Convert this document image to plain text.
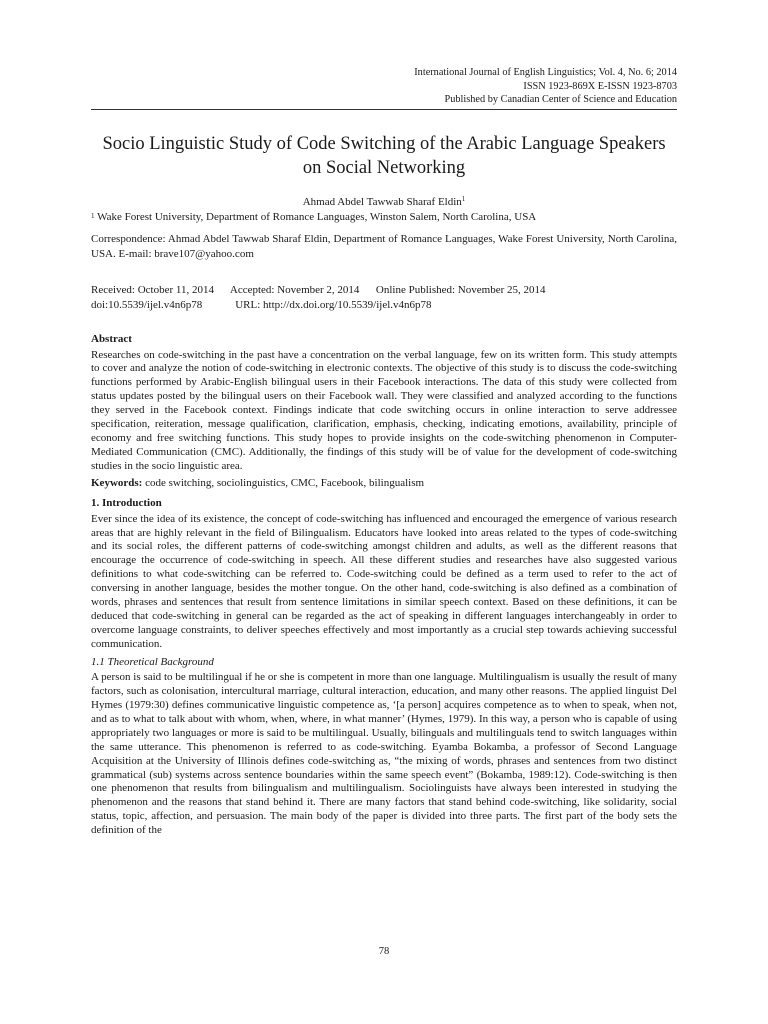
International Journal of English Linguistics; Vol. 4, No. 6; 2014
ISSN 1923-869X E-ISSN 1923-8703
Published by Canadian Center of Science and Education
Socio Linguistic Study of Code Switching of the Arabic Language Speakers on Social Networking
Ahmad Abdel Tawwab Sharaf Eldin$^1$
$^1$ Wake Forest University, Department of Romance Languages, Winston Salem, North Carolina, USA
Correspondence: Ahmad Abdel Tawwab Sharaf Eldin, Department of Romance Languages, Wake Forest University, North Carolina, USA. E-mail: brave107@yahoo.com
Received: October 11, 2014 Accepted: November 2, 2014 Online Published: November 25, 2014
doi:10.5539/ijel.v4n6p78	URL: http://dx.doi.org/10.5539/ijel.v4n6p78
Abstract

Researches on code-switching in the past have a concentration on the verbal language, few on its written form. This study attempts to cover and analyze the notion of code-switching in electronic contexts. The objective of this study is to discuss the code-switching functions performed by Arabic-English bilingual users in their Facebook interactions. The data of this study were collected from status updates posted by the bilingual users on their Facebook wall. They were classified and analyzed according to the functions they served in the Facebook context. Findings indicate that code switching occurs in online interaction to serve addressee specification, reiteration, message qualification, clarification, emphasis, checking, indicating emotions, availability, principle of economy and free switching functions. This study hopes to provide insights on the code-switching phenomenon in Computer-Mediated Communication (CMC). Additionally, the findings of this study will be of value for the development of code-switching studies in the socio linguistic area.

Keywords: code switching, sociolinguistics, CMC, Facebook, bilingualism
1. Introduction

Ever since the idea of its existence, the concept of code-switching has influenced and encouraged the emergence of various research areas that are highly relevant in the field of Bilingualism. Educators have looked into areas related to the types of code-switching and its social roles, the different patterns of code-switching amongst children and adults, as well as the different reasons that encourage the occurrence of code-switching in speech. All these different studies and researches have also suggested various definitions to what code-switching can be referred to. Code-switching could be defined as a term used to refer to the act of conversing in another language, besides the mother tongue. On the other hand, code-switching is also defined as a combination of words, phrases and sentences that result from sentence limitations in similar speech context. Based on these definitions, it can be deduced that code-switching in general can be regarded as the act of speaking in different languages interchangeably in order to overcome language constraints, to deliver speeches effectively and most importantly as a crucial step towards achieving successful communication.

1.1 Theoretical Background

A person is said to be multilingual if he or she is competent in more than one language. Multilingualism is usually the result of many factors, such as colonisation, intercultural marriage, cultural interaction, education, and many other reasons. The applied linguist Del Hymes (1979:30) defines communicative linguistic competence as, ‘[a person] acquires competence as to when to speak, when not, and as to what to talk about with whom, when, where, in what manner’ (Hymes, 1979). In this way, a person who is capable of using appropriately two languages or more is said to be multilingual. Usually, bilinguals and multilinguals tend to switch languages within the same utterance. This phenomenon is referred to as code-switching. Eyamba Bokamba, a professor of Second Language Acquisition at the University of Illinois defines code-switching as, “the mixing of words, phrases and sentences from two distinct grammatical (sub) systems across sentence boundaries within the same speech event” (Bokamba, 1989:12). Code-switching is then one phenomenon that results from bilingualism and multilingualism. Sociolinguists have always been interested in studying the phenomenon and the reasons that stand behind it. There are many factors that stand behind code-switching, like solidarity, social status, topic, affection, and persuasion. The main body of the paper is divided into three parts. The first part of the body sets the definition of the

78
